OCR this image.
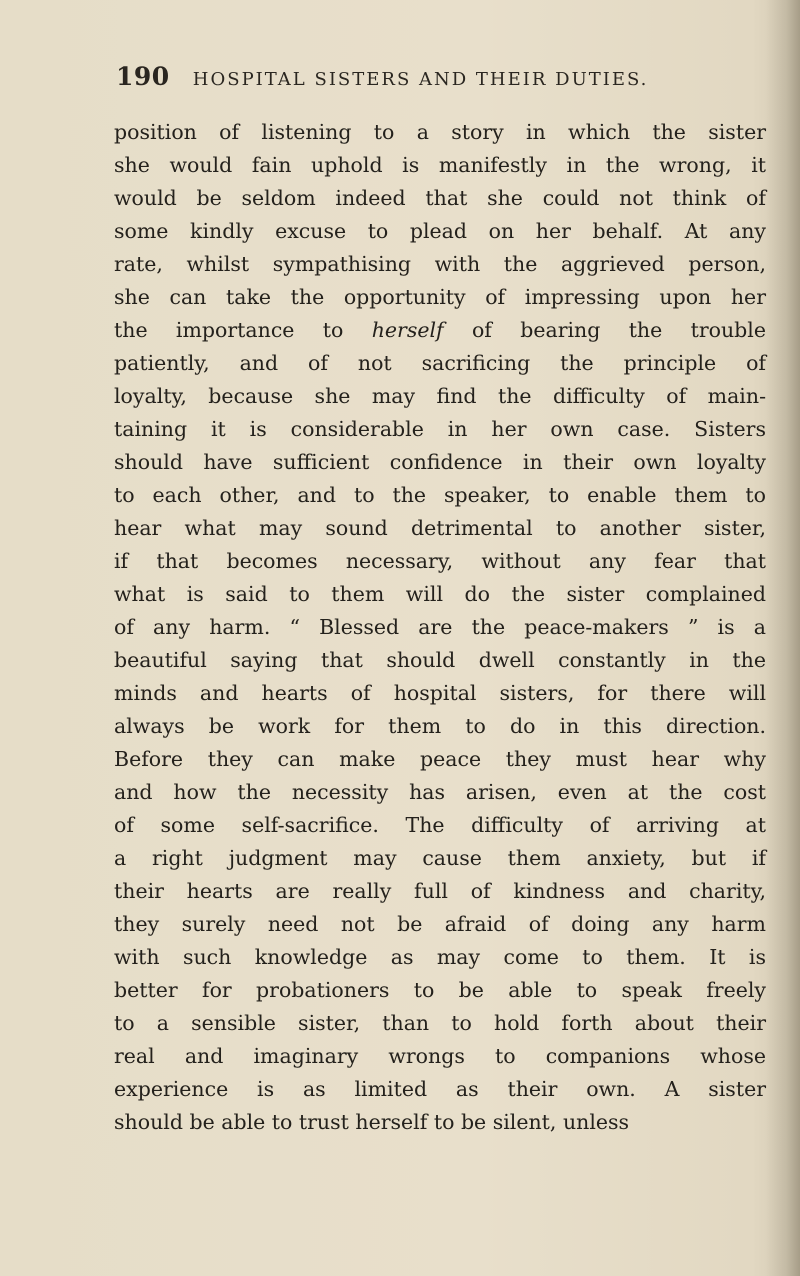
190 HOSPITAL SISTERS AND THEIR DUTIES.
position of listening to a story in which the sister
she would fain uphold is manifestly in the wrong, it
would be seldom indeed that she could not think of
some kindly excuse to plead on her behalf. At any
rate, whilst sympathising with the aggrieved person,
she can take the opportunity of impressing upon her
the importance to herself of bearing the trouble
patiently, and of not sacrificing the principle of
loyalty, because she may find the difficulty of main-
taining it is considerable in her own case. Sisters
should have sufficient confidence in their own loyalty
to each other, and to the speaker, to enable them to
hear what may sound detrimental to another sister,
if that becomes necessary, without any fear that
what is said to them will do the sister complained
of any harm. “ Blessed are the peace-makers ” is a
beautiful saying that should dwell constantly in the
minds and hearts of hospital sisters, for there will
always be work for them to do in this direction.
Before they can make peace they must hear why
and how the necessity has arisen, even at the cost
of some self-sacrifice. The difficulty of arriving at
a right judgment may cause them anxiety, but if
their hearts are really full of kindness and charity,
they surely need not be afraid of doing any harm
with such knowledge as may come to them. It is
better for probationers to be able to speak freely
to a sensible sister, than to hold forth about their
real and imaginary wrongs to companions whose
experience is as limited as their own. A sister
should be able to trust herself to be silent, unless
